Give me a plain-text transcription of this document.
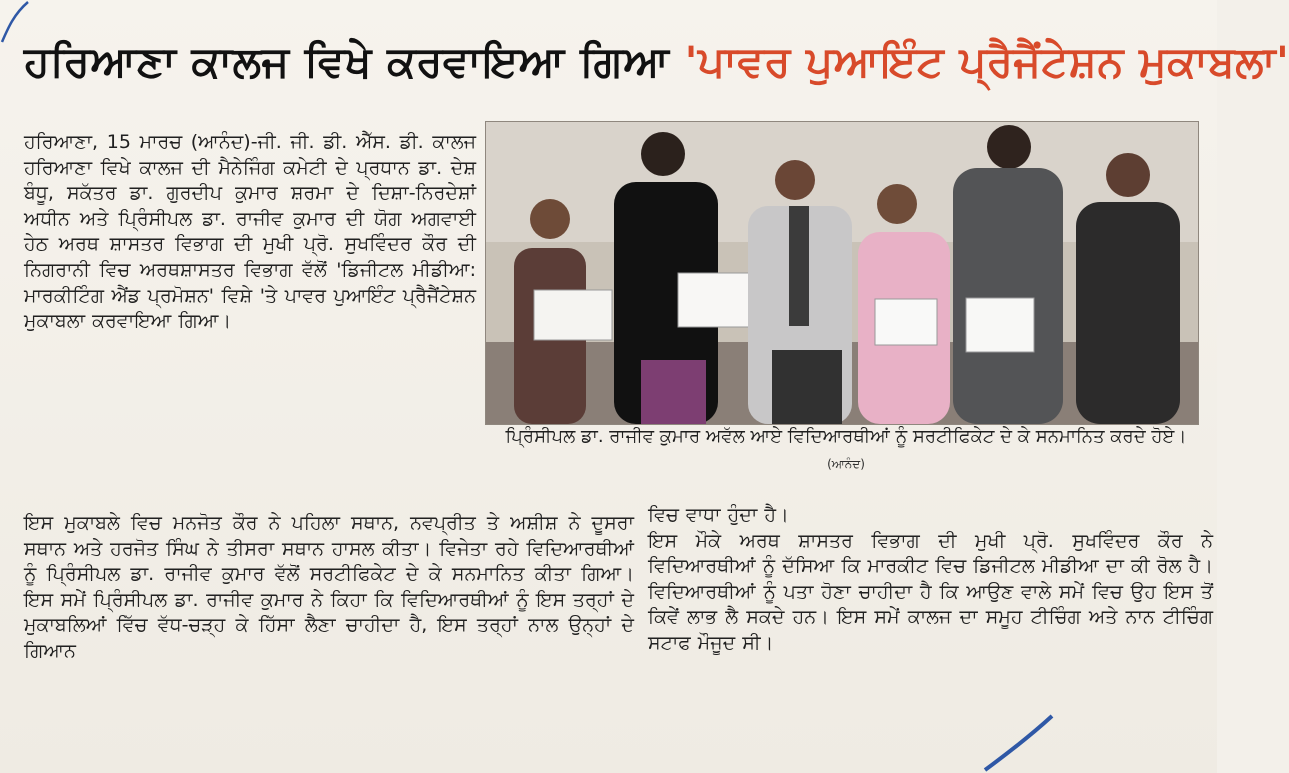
ਹਰਿਆਣਾ ਕਾਲਜ ਵਿਖੇ ਕਰਵਾਇਆ ਗਿਆ 'ਪਾਵਰ ਪੁਆਇੰਟ ਪ੍ਰੈਜੈਂਟੇਸ਼ਨ ਮੁਕਾਬਲਾ'

ਹਰਿਆਣਾ, 15 ਮਾਰਚ (ਆਨੰਦ)-ਜੀ. ਜੀ. ਡੀ. ਐੱਸ. ਡੀ. ਕਾਲਜ ਹਰਿਆਣਾ ਵਿਖੇ ਕਾਲਜ ਦੀ ਮੈਨੇਜਿੰਗ ਕਮੇਟੀ ਦੇ ਪ੍ਰਧਾਨ ਡਾ. ਦੇਸ਼ ਬੰਧੂ, ਸਕੱਤਰ ਡਾ. ਗੁਰਦੀਪ ਕੁਮਾਰ ਸ਼ਰਮਾ ਦੇ ਦਿਸ਼ਾ-ਨਿਰਦੇਸ਼ਾਂ ਅਧੀਨ ਅਤੇ ਪ੍ਰਿੰਸੀਪਲ ਡਾ. ਰਾਜੀਵ ਕੁਮਾਰ ਦੀ ਯੋਗ ਅਗਵਾਈ ਹੇਠ ਅਰਥ ਸ਼ਾਸਤਰ ਵਿਭਾਗ ਦੀ ਮੁਖੀ ਪ੍ਰੋ. ਸੁਖਵਿੰਦਰ ਕੌਰ ਦੀ ਨਿਗਰਾਨੀ ਵਿਚ ਅਰਥਸ਼ਾਸਤਰ ਵਿਭਾਗ ਵੱਲੋਂ 'ਡਿਜੀਟਲ ਮੀਡੀਆ: ਮਾਰਕੀਟਿੰਗ ਐਂਡ ਪ੍ਰਮੋਸ਼ਨ' ਵਿਸ਼ੇ 'ਤੇ ਪਾਵਰ ਪੁਆਇੰਟ ਪ੍ਰੈਜੈਂਟੇਸ਼ਨ ਮੁਕਾਬਲਾ ਕਰਵਾਇਆ ਗਿਆ।

ਪ੍ਰਿੰਸੀਪਲ ਡਾ. ਰਾਜੀਵ ਕੁਮਾਰ ਅਵੱਲ ਆਏ ਵਿਦਿਆਰਥੀਆਂ ਨੂੰ ਸਰਟੀਫਿਕੇਟ ਦੇ ਕੇ ਸਨਮਾਨਿਤ ਕਰਦੇ ਹੋਏ। (ਆਨੰਦ)

ਇਸ ਮੁਕਾਬਲੇ ਵਿਚ ਮਨਜੋਤ ਕੌਰ ਨੇ ਪਹਿਲਾ ਸਥਾਨ, ਨਵਪ੍ਰੀਤ ਤੇ ਅਸ਼ੀਸ਼ ਨੇ ਦੂਸਰਾ ਸਥਾਨ ਅਤੇ ਹਰਜੋਤ ਸਿੰਘ ਨੇ ਤੀਸਰਾ ਸਥਾਨ ਹਾਸਲ ਕੀਤਾ। ਵਿਜੇਤਾ ਰਹੇ ਵਿਦਿਆਰਥੀਆਂ ਨੂੰ ਪ੍ਰਿੰਸੀਪਲ ਡਾ. ਰਾਜੀਵ ਕੁਮਾਰ ਵੱਲੋਂ ਸਰਟੀਫਿਕੇਟ ਦੇ ਕੇ ਸਨਮਾਨਿਤ ਕੀਤਾ ਗਿਆ। ਇਸ ਸਮੇਂ ਪ੍ਰਿੰਸੀਪਲ ਡਾ. ਰਾਜੀਵ ਕੁਮਾਰ ਨੇ ਕਿਹਾ ਕਿ ਵਿਦਿਆਰਥੀਆਂ ਨੂੰ ਇਸ ਤਰ੍ਹਾਂ ਦੇ ਮੁਕਾਬਲਿਆਂ ਵਿੱਚ ਵੱਧ-ਚੜ੍ਹ ਕੇ ਹਿੱਸਾ ਲੈਣਾ ਚਾਹੀਦਾ ਹੈ, ਇਸ ਤਰ੍ਹਾਂ ਨਾਲ ਉਨ੍ਹਾਂ ਦੇ ਗਿਆਨ

ਵਿਚ ਵਾਧਾ ਹੁੰਦਾ ਹੈ।

ਇਸ ਮੌਕੇ ਅਰਥ ਸ਼ਾਸਤਰ ਵਿਭਾਗ ਦੀ ਮੁਖੀ ਪ੍ਰੋ. ਸੁਖਵਿੰਦਰ ਕੌਰ ਨੇ ਵਿਦਿਆਰਥੀਆਂ ਨੂੰ ਦੱਸਿਆ ਕਿ ਮਾਰਕੀਟ ਵਿਚ ਡਿਜੀਟਲ ਮੀਡੀਆ ਦਾ ਕੀ ਰੋਲ ਹੈ। ਵਿਦਿਆਰਥੀਆਂ ਨੂੰ ਪਤਾ ਹੋਣਾ ਚਾਹੀਦਾ ਹੈ ਕਿ ਆਉਣ ਵਾਲੇ ਸਮੇਂ ਵਿਚ ਉਹ ਇਸ ਤੋਂ ਕਿਵੇਂ ਲਾਭ ਲੈ ਸਕਦੇ ਹਨ। ਇਸ ਸਮੇਂ ਕਾਲਜ ਦਾ ਸਮੂਹ ਟੀਚਿੰਗ ਅਤੇ ਨਾਨ ਟੀਚਿੰਗ ਸਟਾਫ ਮੌਜੂਦ ਸੀ।
